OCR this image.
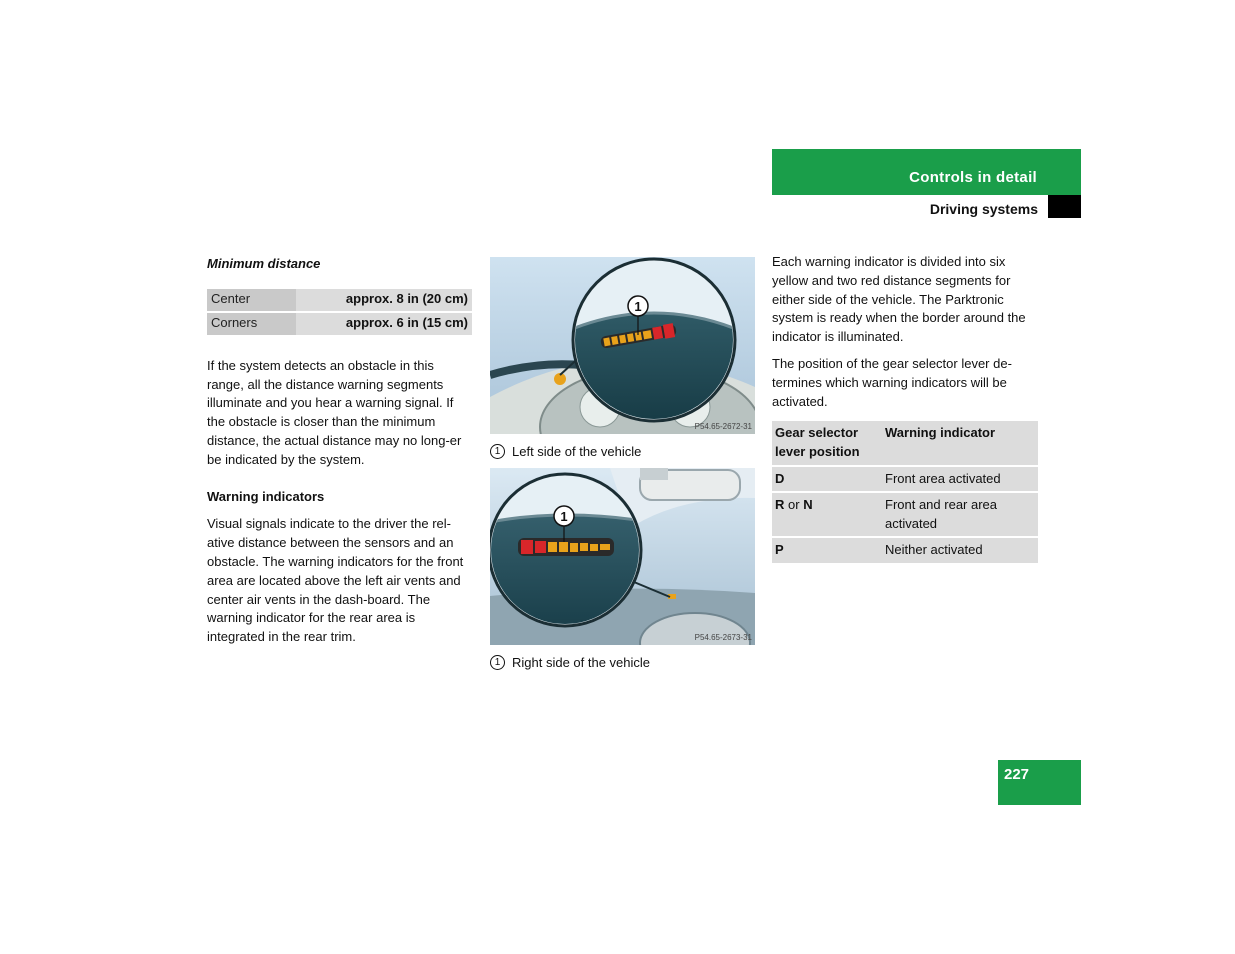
Controls in detail
Driving systems
Minimum distance
Center	approx. 8 in (20 cm)
Corners	approx. 6 in (15 cm)

If the system detects an obstacle in this range, all the distance warning segments illuminate and you hear a warning signal. If the obstacle is closer than the minimum distance, the actual distance may no long-er be indicated by the system.

Warning indicators

Visual signals indicate to the driver the rel-ative distance between the sensors and an obstacle. The warning indicators for the front area are located above the left air vents and center air vents in the dash-board. The warning indicator for the rear area is integrated in the rear trim.

1
P54.65-2672-31
1 Left side of the vehicle
1
P54.65-2673-31
1 Right side of the vehicle

Each warning indicator is divided into six yellow and two red distance segments for either side of the vehicle. The Parktronic system is ready when the border around the indicator is illuminated.

The position of the gear selector lever de-termines which warning indicators will be activated.

Gear selector lever position	Warning indicator
D	Front area activated
R or N	Front and rear area activated
P	Neither activated
227
